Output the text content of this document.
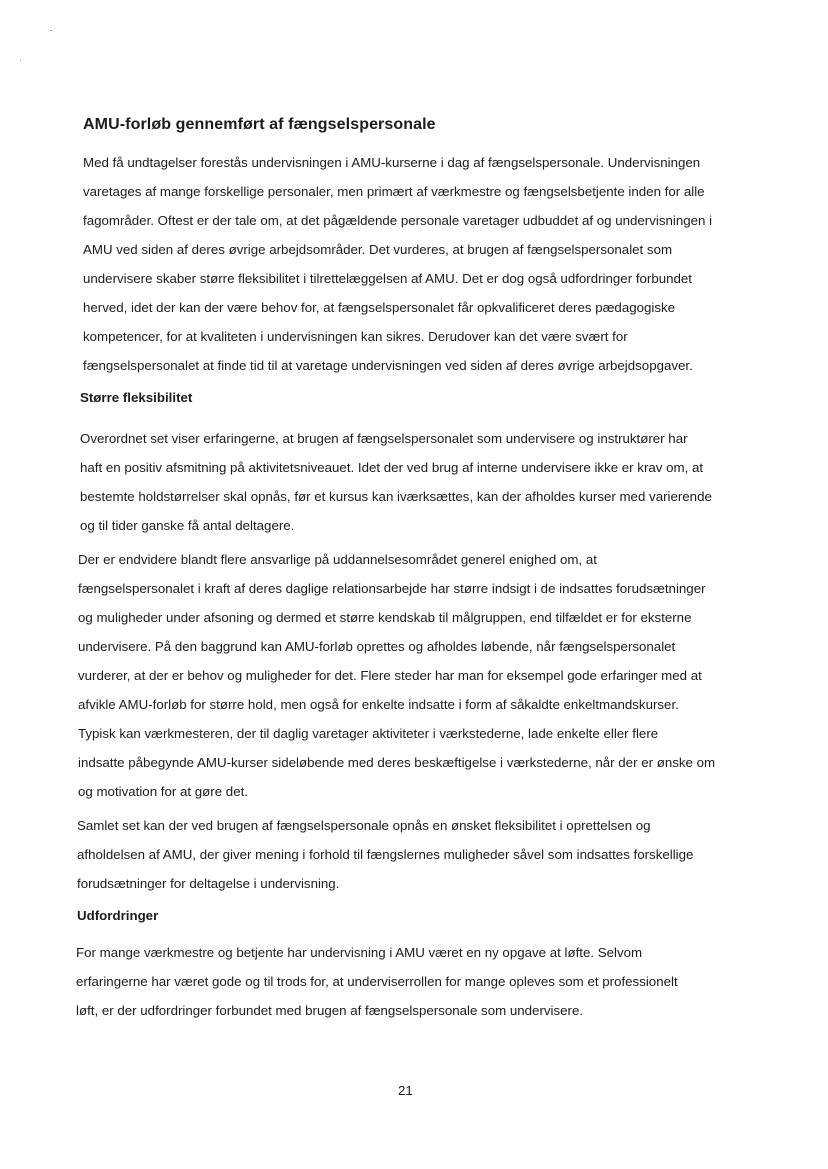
AMU-forløb gennemført af fængselspersonale

Med få undtagelser forestås undervisningen i AMU-kurserne i dag af fængselspersonale. Undervisningen
varetages af mange forskellige personaler, men primært af værkmestre og fængselsbetjente inden for alle
fagområder. Oftest er der tale om, at det pågældende personale varetager udbuddet af og undervisningen i
AMU ved siden af deres øvrige arbejdsområder. Det vurderes, at brugen af fængselspersonalet som
undervisere skaber større fleksibilitet i tilrettelæggelsen af AMU. Det er dog også udfordringer forbundet
herved, idet der kan der være behov for, at fængselspersonalet får opkvalificeret deres pædagogiske
kompetencer, for at kvaliteten i undervisningen kan sikres. Derudover kan det være svært for
fængselspersonalet at finde tid til at varetage undervisningen ved siden af deres øvrige arbejdsopgaver.

Større fleksibilitet

Overordnet set viser erfaringerne, at brugen af fængselspersonalet som undervisere og instruktører har
haft en positiv afsmitning på aktivitetsniveauet. Idet der ved brug af interne undervisere ikke er krav om, at
bestemte holdstørrelser skal opnås, før et kursus kan iværksættes, kan der afholdes kurser med varierende
og til tider ganske få antal deltagere.

Der er endvidere blandt flere ansvarlige på uddannelsesområdet generel enighed om, at
fængselspersonalet i kraft af deres daglige relationsarbejde har større indsigt i de indsattes forudsætninger
og muligheder under afsoning og dermed et større kendskab til målgruppen, end tilfældet er for eksterne
undervisere. På den baggrund kan AMU-forløb oprettes og afholdes løbende, når fængselspersonalet
vurderer, at der er behov og muligheder for det. Flere steder har man for eksempel gode erfaringer med at
afvikle AMU-forløb for større hold, men også for enkelte indsatte i form af såkaldte enkeltmandskurser.
Typisk kan værkmesteren, der til daglig varetager aktiviteter i værkstederne, lade enkelte eller flere
indsatte påbegynde AMU-kurser sideløbende med deres beskæftigelse i værkstederne, når der er ønske om
og motivation for at gøre det.

Samlet set kan der ved brugen af fængselspersonale opnås en ønsket fleksibilitet i oprettelsen og
afholdelsen af AMU, der giver mening i forhold til fængslernes muligheder såvel som indsattes forskellige
forudsætninger for deltagelse i undervisning.

Udfordringer

For mange værkmestre og betjente har undervisning i AMU været en ny opgave at løfte. Selvom
erfaringerne har været gode og til trods for, at underviserrollen for mange opleves som et professionelt
løft, er der udfordringer forbundet med brugen af fængselspersonale som undervisere.

21
